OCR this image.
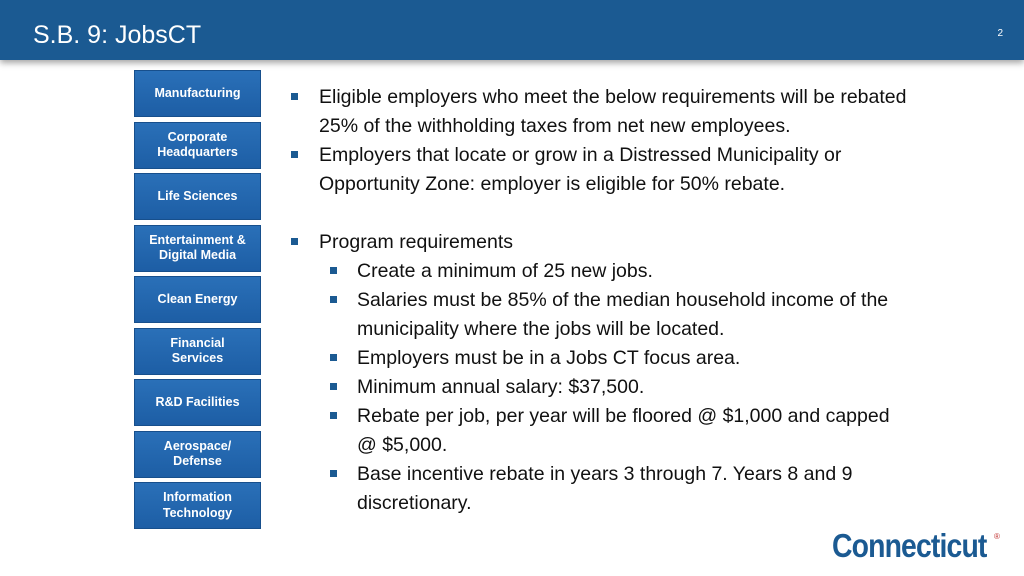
S.B. 9: JobsCT	2
Manufacturing
Corporate
Headquarters
Life Sciences
Entertainment &
Digital Media
Clean Energy
Financial
Services
R&D Facilities
Aerospace/
Defense
Information
Technology
Eligible employers who meet the below requirements will be rebated 25% of the withholding taxes from net new employees.
Employers that locate or grow in a Distressed Municipality or Opportunity Zone: employer is eligible for 50% rebate.
Program requirements
Create a minimum of 25 new jobs.
Salaries must be 85% of the median household income of the municipality where the jobs will be located.
Employers must be in a Jobs CT focus area.
Minimum annual salary: $37,500.
Rebate per job, per year will be floored @ $1,000 and capped @ $5,000.
Base incentive rebate in years 3 through 7. Years 8 and 9 discretionary.
Connecticut ®
